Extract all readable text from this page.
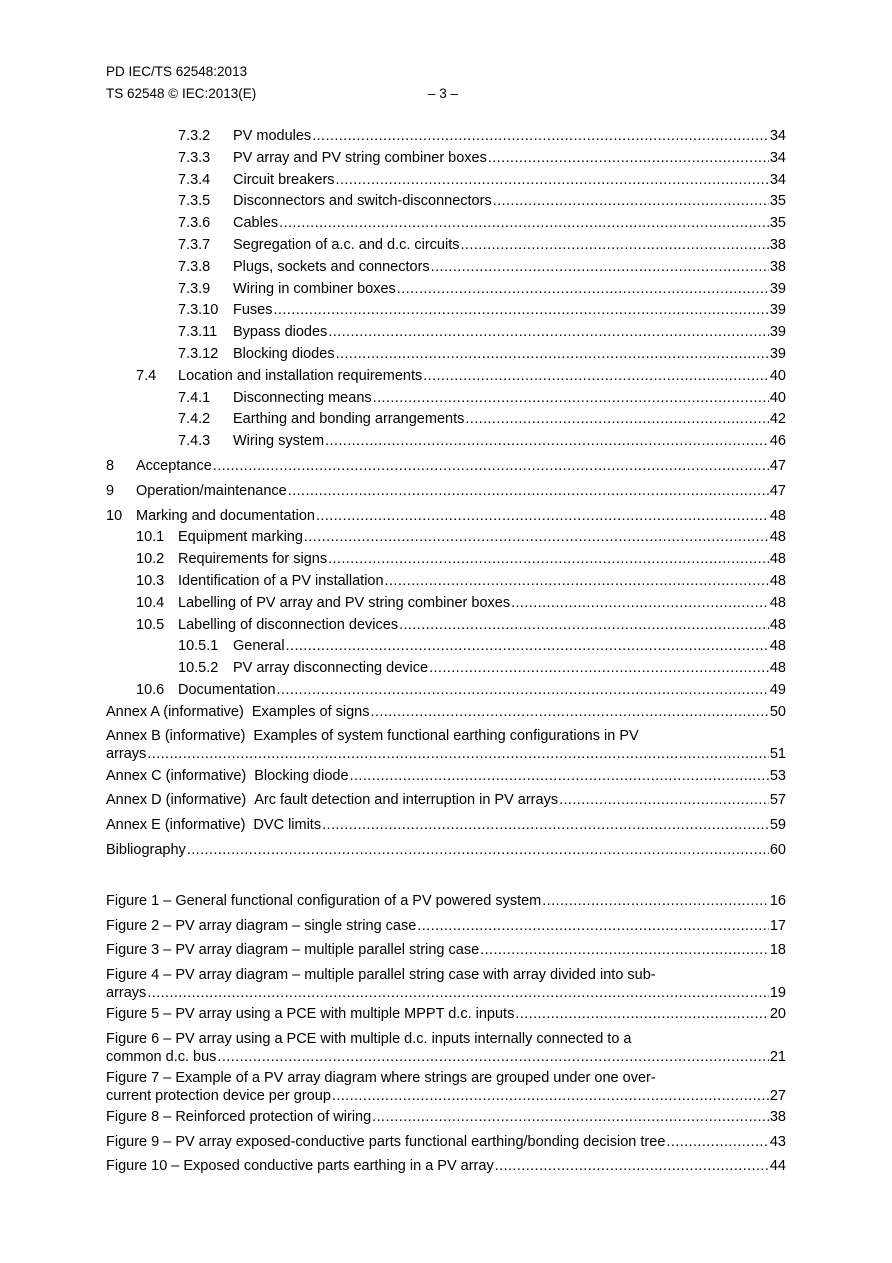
PD IEC/TS 62548:2013
TS 62548 © IEC:2013(E)	– 3 –
7.3.2	PV modules .....	34
7.3.3	PV array and PV string combiner boxes .....	34
7.3.4	Circuit breakers .....	34
7.3.5	Disconnectors and switch-disconnectors .....	35
7.3.6	Cables .....	35
7.3.7	Segregation of a.c. and d.c. circuits .....	38
7.3.8	Plugs, sockets and connectors .....	38
7.3.9	Wiring in combiner boxes .....	39
7.3.10	Fuses .....	39
7.3.11	Bypass diodes .....	39
7.3.12	Blocking diodes .....	39
7.4	Location and installation requirements .....	40
7.4.1	Disconnecting means .....	40
7.4.2	Earthing and bonding arrangements .....	42
7.4.3	Wiring system .....	46
8	Acceptance .....	47
9	Operation/maintenance .....	47
10 Marking and documentation .....	48
10.1 Equipment marking .....	48
10.2 Requirements for signs .....	48
10.3 Identification of a PV installation .....	48
10.4 Labelling of PV array and PV string combiner boxes .....	48
10.5 Labelling of disconnection devices .....	48
10.5.1	General .....	48
10.5.2	PV array disconnecting device .....	48
10.6 Documentation .....	49
Annex A (informative) Examples of signs .....	50
Annex B (informative) Examples of system functional earthing configurations in PV
arrays .....	51
Annex C (informative) Blocking diode .....	53
Annex D (informative) Arc fault detection and interruption in PV arrays .....	57
Annex E (informative) DVC limits .....	59
Bibliography .....	60
Figure 1 – General functional configuration of a PV powered system .....	16
Figure 2 – PV array diagram – single string case .....	17
Figure 3 – PV array diagram – multiple parallel string case .....	18
Figure 4 – PV array diagram – multiple parallel string case with array divided into sub-
arrays .....	19
Figure 5 – PV array using a PCE with multiple MPPT d.c. inputs .....	20
Figure 6 – PV array using a PCE with multiple d.c. inputs internally connected to a
common d.c. bus .....	21
Figure 7 – Example of a PV array diagram where strings are grouped under one over-
current protection device per group .....	27
Figure 8 – Reinforced protection of wiring .....	38
Figure 9 – PV array exposed-conductive parts functional earthing/bonding decision tree .....	43
Figure 10 – Exposed conductive parts earthing in a PV array .....	44
